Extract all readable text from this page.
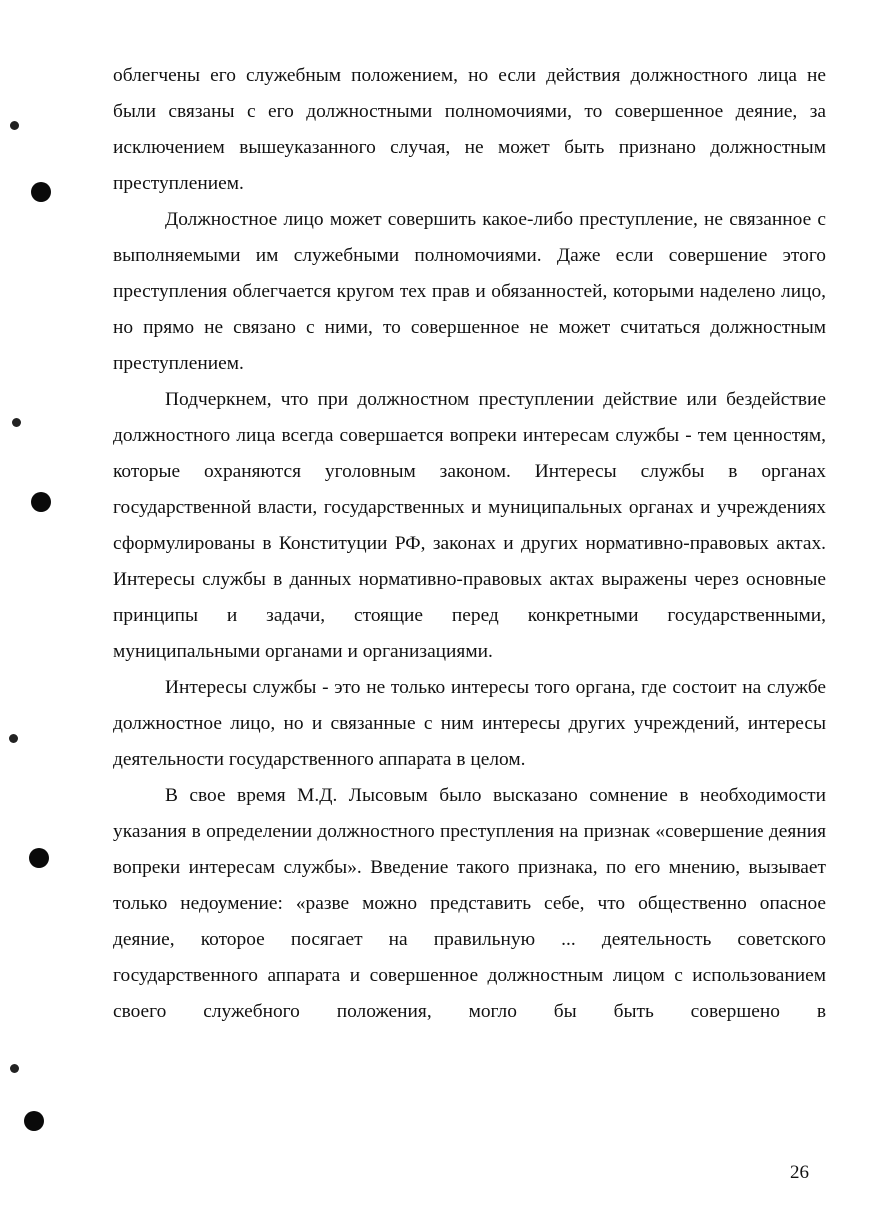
облегчены его служебным положением, но если действия должностного лица не были связаны с его должностными полномочиями, то совершенное деяние, за исключением вышеуказанного случая, не может быть признано должностным преступлением.

Должностное лицо может совершить какое-либо преступление, не связанное с выполняемыми им служебными полномочиями. Даже если совершение этого преступления облегчается кругом тех прав и обязанностей, которыми наделено лицо, но прямо не связано с ними, то совершенное не может считаться должностным преступлением.

Подчеркнем, что при должностном преступлении действие или бездействие должностного лица всегда совершается вопреки интересам службы - тем ценностям, которые охраняются уголовным законом. Интересы службы в органах государственной власти, государственных и муниципальных органах и учреждениях сформулированы в Конституции РФ, законах и других нормативно-правовых актах. Интересы службы в данных нормативно-правовых актах выражены через основные принципы и задачи, стоящие перед конкретными государственными, муниципальными органами и организациями.

Интересы службы - это не только интересы того органа, где состоит на службе должностное лицо, но и связанные с ним интересы других учреждений, интересы деятельности государственного аппарата в целом.

В свое время М.Д. Лысовым было высказано сомнение в необходимости указания в определении должностного преступления на признак «совершение деяния вопреки интересам службы». Введение такого признака, по его мнению, вызывает только недоумение: «разве можно представить себе, что общественно опасное деяние, которое посягает на правильную ... деятельность советского государственного аппарата и совершенное должностным лицом с использованием своего служебного положения, могло бы быть совершено в

26
